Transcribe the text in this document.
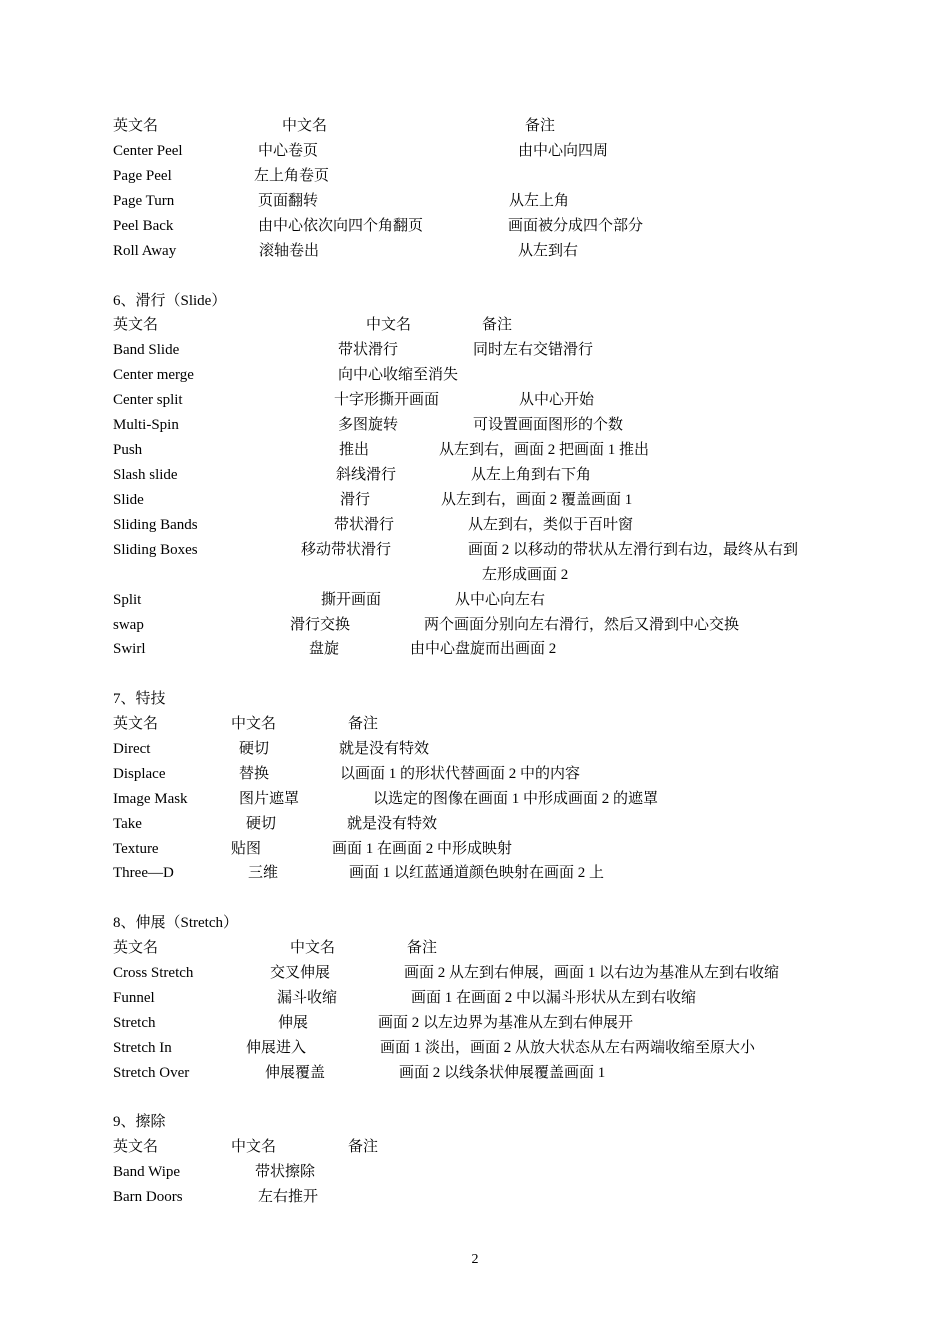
英文名	中文名	备注
Center Peel	中心卷页	由中心向四周
Page Peel	左上角卷页
Page Turn	页面翻转	从左上角
Peel Back	由中心依次向四个角翻页	画面被分成四个部分
Roll Away	滚轴卷出	从左到右
6、滑行（Slide）
英文名	中文名	备注
Band Slide	带状滑行	同时左右交错滑行
Center merge	向中心收缩至消失
Center split	十字形撕开画面	从中心开始
Multi-Spin	多图旋转	可设置画面图形的个数
Push	推出	从左到右，画面 2 把画面 1 推出
Slash slide	斜线滑行	从左上角到右下角
Slide	滑行	从左到右，画面 2 覆盖画面 1
Sliding Bands	带状滑行	从左到右，类似于百叶窗
Sliding Boxes	移动带状滑行	画面 2 以移动的带状从左滑行到右边，最终从右到
左形成画面 2
Split	撕开画面	从中心向左右
swap	滑行交换	两个画面分别向左右滑行，然后又滑到中心交换
Swirl	盘旋	由中心盘旋而出画面 2
7、特技
英文名	中文名	备注
Direct	硬切	就是没有特效
Displace	替换	以画面 1 的形状代替画面 2 中的内容
Image Mask	图片遮罩	以选定的图像在画面 1 中形成画面 2 的遮罩
Take	硬切	就是没有特效
Texture	贴图	画面 1 在画面 2 中形成映射
Three—D	三维	画面 1 以红蓝通道颜色映射在画面 2 上
8、伸展（Stretch）
英文名	中文名	备注
Cross Stretch	交叉伸展	画面 2 从左到右伸展，画面 1 以右边为基准从左到右收缩
Funnel	漏斗收缩	画面 1 在画面 2 中以漏斗形状从左到右收缩
Stretch	伸展	画面 2 以左边界为基准从左到右伸展开
Stretch In	伸展进入	画面 1 淡出，画面 2 从放大状态从左右两端收缩至原大小
Stretch Over	伸展覆盖	画面 2 以线条状伸展覆盖画面 1
9、擦除
英文名	中文名	备注
Band Wipe	带状擦除
Barn Doors	左右推开
2
